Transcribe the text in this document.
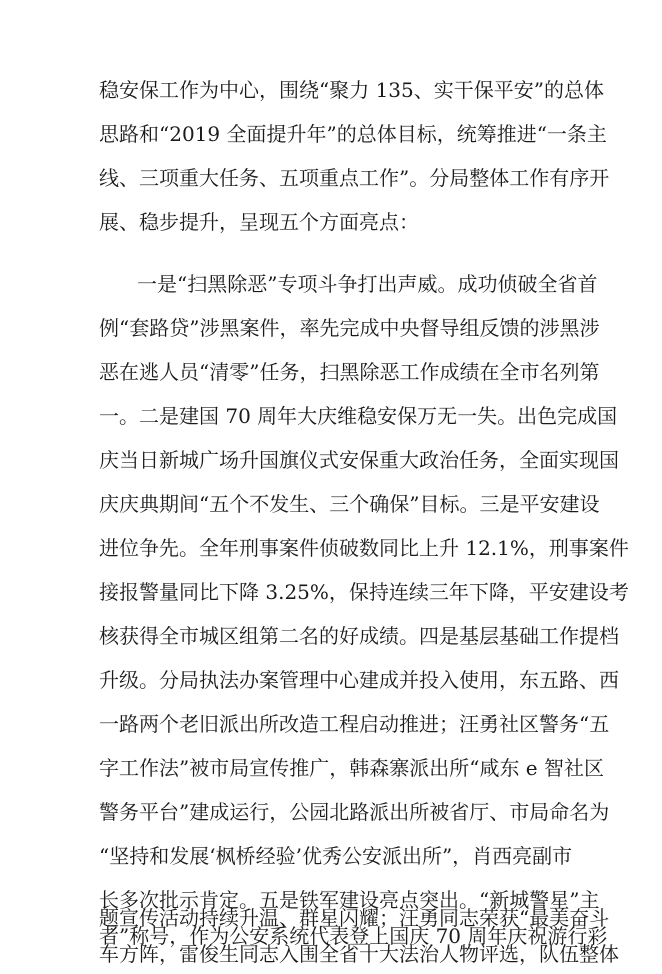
稳安保工作为中心，围绕“聚力 135、实干保平安”的总体
思路和“2019 全面提升年”的总体目标，统筹推进“一条主
线、三项重大任务、五项重点工作”。分局整体工作有序开
展、稳步提升，呈现五个方面亮点：
一是“扫黑除恶”专项斗争打出声威。成功侦破全省首
例“套路贷”涉黑案件，率先完成中央督导组反馈的涉黑涉
恶在逃人员“清零”任务，扫黑除恶工作成绩在全市名列第
一。二是建国 70 周年大庆维稳安保万无一失。出色完成国
庆当日新城广场升国旗仪式安保重大政治任务，全面实现国
庆庆典期间“五个不发生、三个确保”目标。三是平安建设
进位争先。全年刑事案件侦破数同比上升 12.1%，刑事案件
接报警量同比下降 3.25%，保持连续三年下降，平安建设考
核获得全市城区组第二名的好成绩。四是基层基础工作提档
升级。分局执法办案管理中心建成并投入使用，东五路、西
一路两个老旧派出所改造工程启动推进；汪勇社区警务“五
字工作法”被市局宣传推广，韩森寨派出所“咸东 e 智社区
警务平台”建成运行，公园北路派出所被省厅、市局命名为
“坚持和发展‘枫桥经验’优秀公安派出所”，肖西亮副市
长多次批示肯定。五是铁军建设亮点突出。“新城警星”主
题宣传活动持续升温、群星闪耀；汪勇同志荣获“最美奋斗
者”称号，作为公安系统代表登上国庆 70 周年庆祝游行彩
车方阵，雷俊生同志入围全省十大法治人物评选，队伍整体
